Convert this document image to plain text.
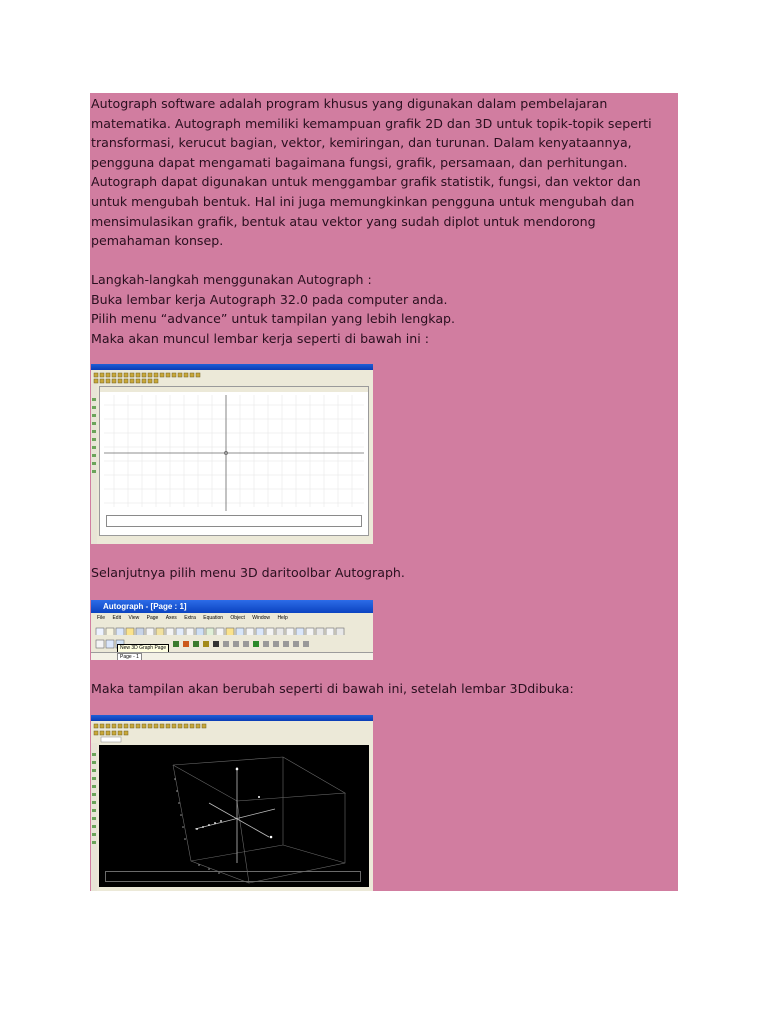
Autograph software adalah program khusus yang digunakan dalam pembelajaran
matematika. Autograph memiliki kemampuan grafik 2D dan 3D untuk topik-topik seperti
transformasi, kerucut bagian, vektor, kemiringan, dan turunan. Dalam kenyataannya,
pengguna dapat mengamati bagaimana fungsi, grafik, persamaan, dan perhitungan.
Autograph dapat digunakan untuk menggambar grafik statistik, fungsi, dan vektor dan
untuk mengubah bentuk. Hal ini juga memungkinkan pengguna untuk mengubah dan
mensimulasikan grafik, bentuk atau vektor yang sudah diplot untuk mendorong
pemahaman konsep.

Langkah-langkah menggunakan Autograph :
Buka lembar kerja Autograph 32.0 pada computer anda.
Pilih menu “advance” untuk tampilan yang lebih lengkap.
Maka akan muncul lembar kerja seperti di bawah ini :

Selanjutnya pilih menu 3D daritoolbar Autograph.

Autograph - [Page : 1]
File Edit View Page Axes Extra Equation Object Window Help
New 3D Graph Page
Page - 1

Maka tampilan akan berubah seperti di bawah ini, setelah lembar 3Ddibuka:
